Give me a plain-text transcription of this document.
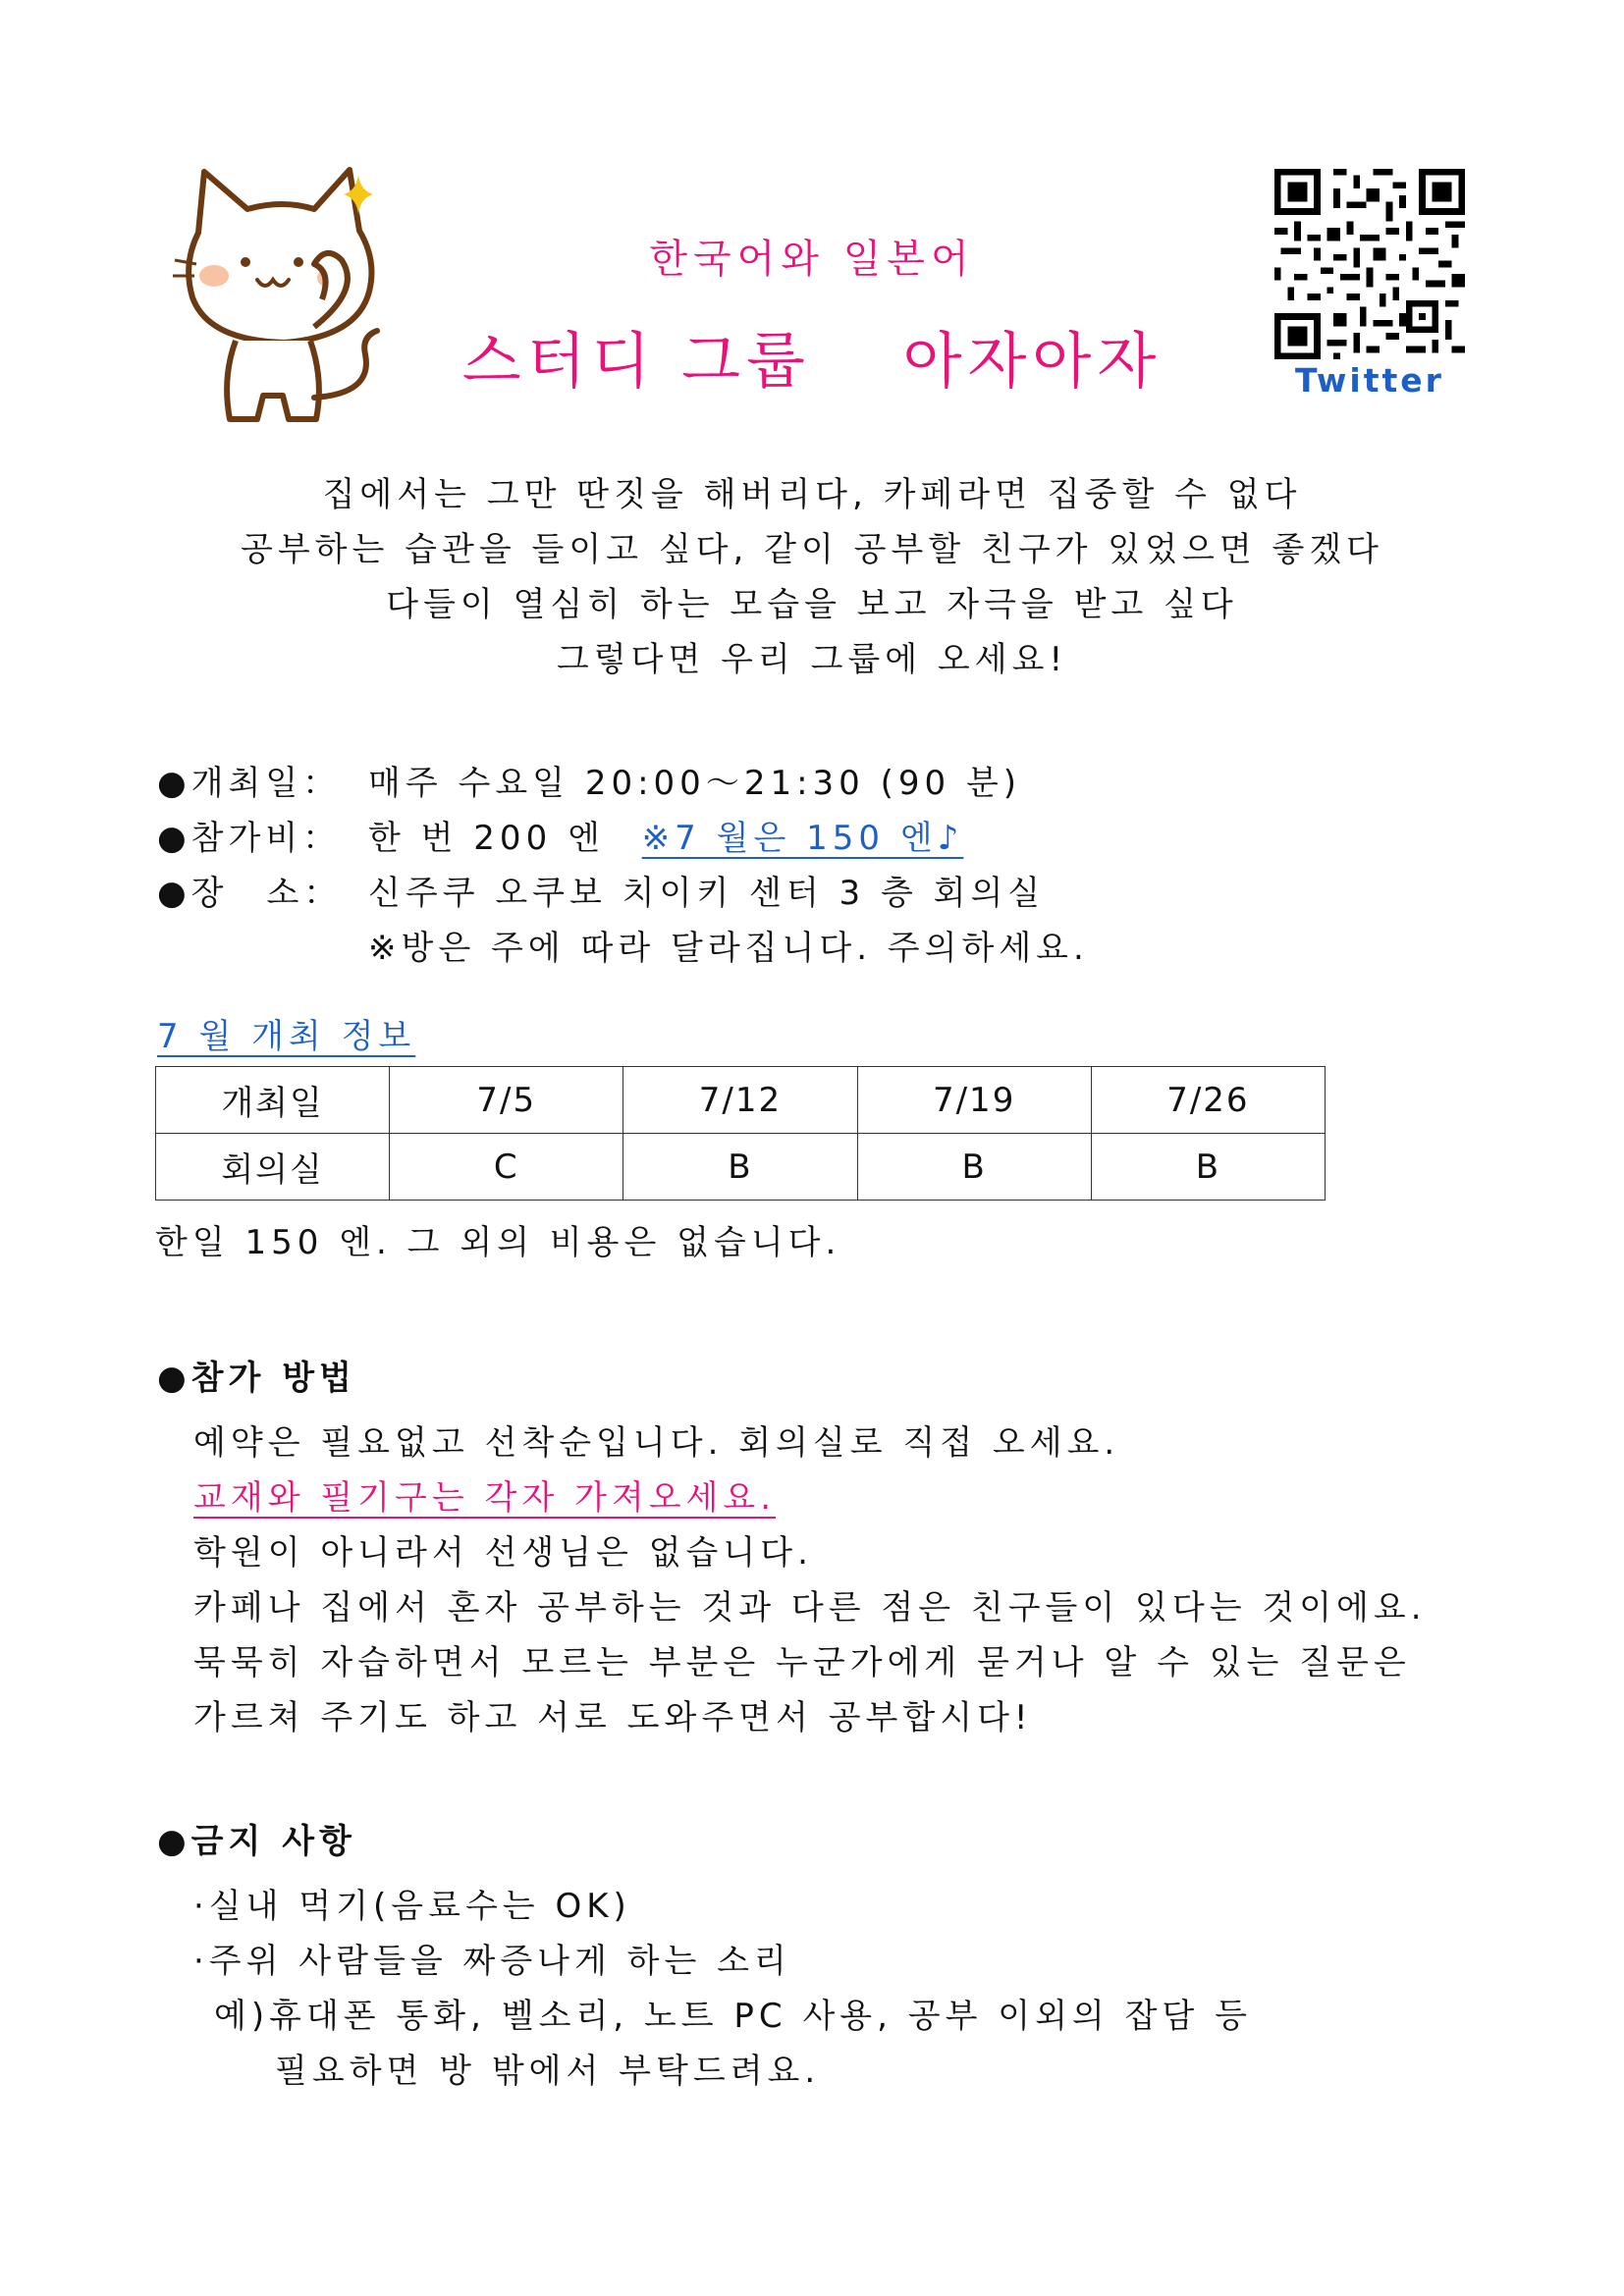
한국어와 일본어
스터디 그룹　 아자아자	Twitter
집에서는 그만 딴짓을 해버리다, 카페라면 집중할 수 없다
공부하는 습관을 들이고 싶다, 같이 공부할 친구가 있었으면 좋겠다
다들이 열심히 하는 모습을 보고 자극을 받고 싶다
그렇다면 우리 그룹에 오세요!
●개최일： 매주 수요일 20:00～21:30 (90 분)
●참가비： 한 번 200 엔 ※7 월은 150 엔♪
●장　소： 신주쿠 오쿠보 치이키 센터 3 층 회의실
※방은 주에 따라 달라집니다. 주의하세요.
7 월 개최 정보
개최일	7/5	7/12	7/19	7/26
회의실	C	B	B	B
한일 150 엔. 그 외의 비용은 없습니다.
●참가 방법
예약은 필요없고 선착순입니다. 회의실로 직접 오세요.
교재와 필기구는 각자 가져오세요.
학원이 아니라서 선생님은 없습니다.
카페나 집에서 혼자 공부하는 것과 다른 점은 친구들이 있다는 것이에요.
묵묵히 자습하면서 모르는 부분은 누군가에게 묻거나 알 수 있는 질문은
가르쳐 주기도 하고 서로 도와주면서 공부합시다!
●금지 사항
·실내 먹기(음료수는 OK)
·주위 사람들을 짜증나게 하는 소리
예)휴대폰 통화, 벨소리, 노트 PC 사용, 공부 이외의 잡담 등
필요하면 방 밖에서 부탁드려요.
